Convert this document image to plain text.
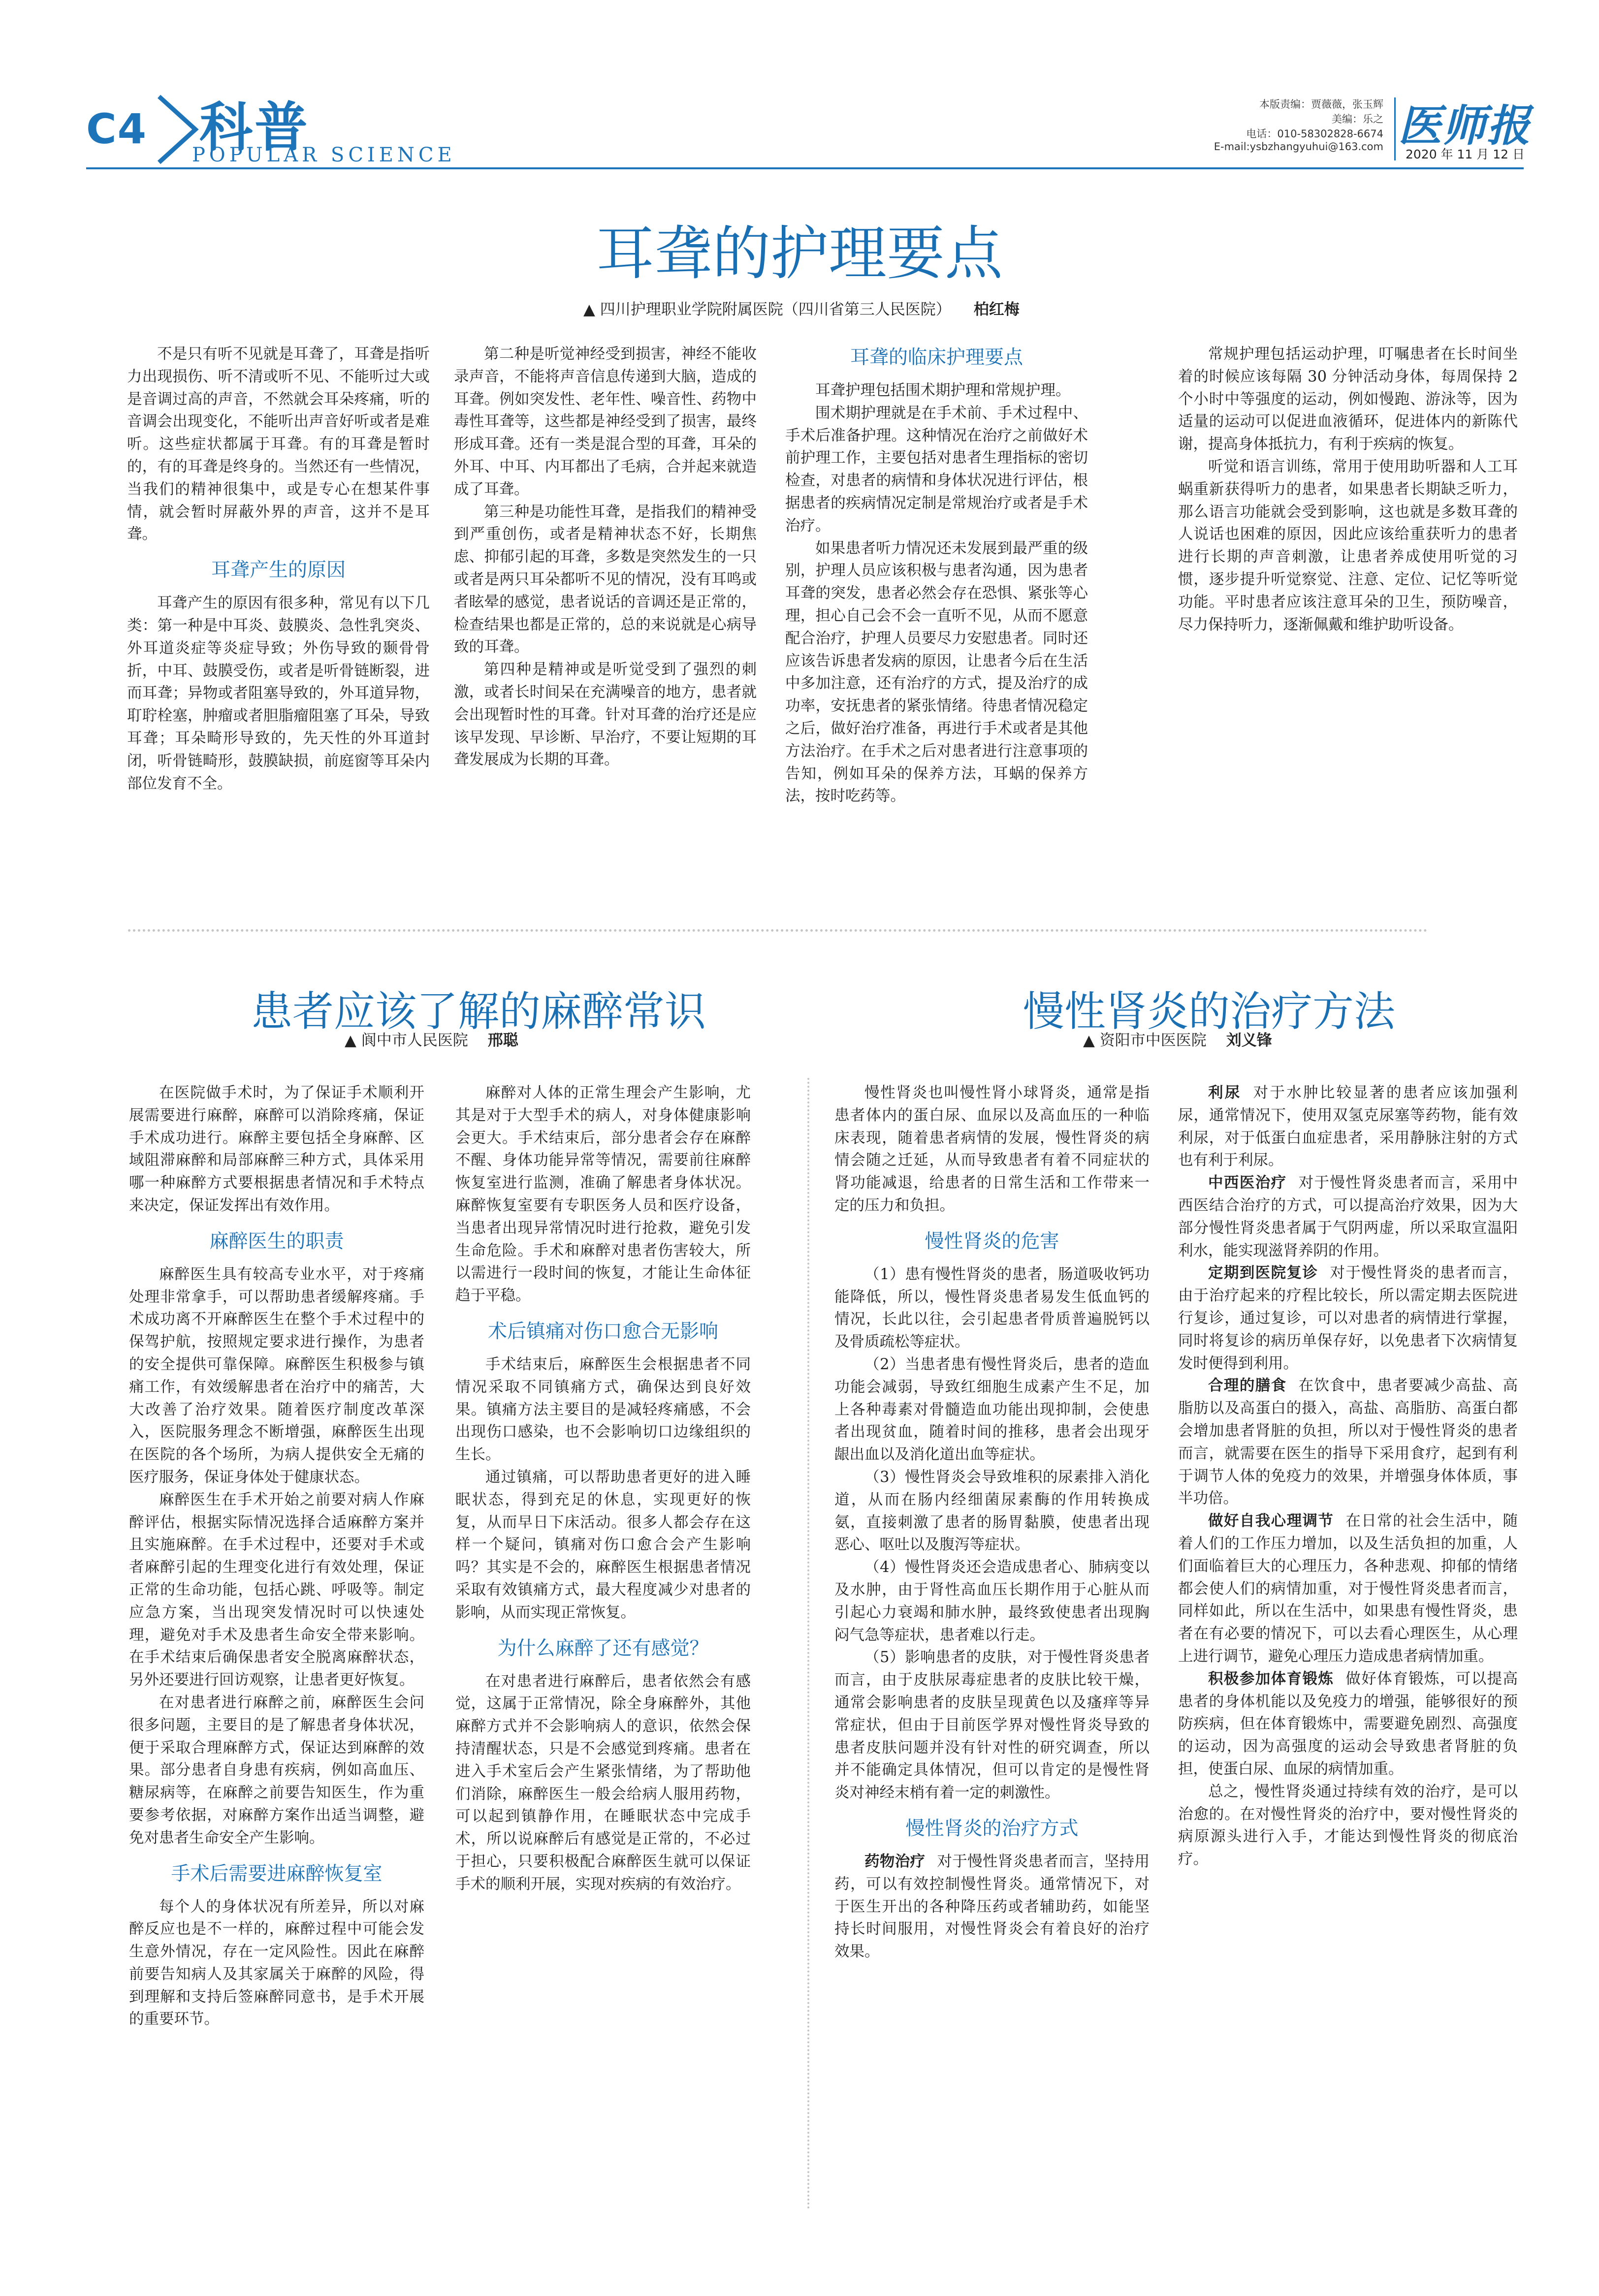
C4 科普
POPULAR SCIENCE
本版责编：贾薇薇，张玉辉
美编：乐之
电话：010-58302828-6674
E-mail:ysbzhangyuhui@163.com 医师报
2020 年 11 月 12 日
耳聋的护理要点
▲ 四川护理职业学院附属医院（四川省第三人民医院） 柏红梅

不是只有听不见就是耳聋了，耳聋是指听力出现损伤、听不清或听不见、不能听过大或是音调过高的声音，不然就会耳朵疼痛，听的音调会出现变化，不能听出声音好听或者是难听。这些症状都属于耳聋。有的耳聋是暂时的，有的耳聋是终身的。当然还有一些情况，当我们的精神很集中，或是专心在想某件事情，就会暂时屏蔽外界的声音，这并不是耳聋。

耳聋产生的原因

耳聋产生的原因有很多种，常见有以下几类：第一种是中耳炎、鼓膜炎、急性乳突炎、外耳道炎症等炎症导致；外伤导致的颞骨骨折，中耳、鼓膜受伤，或者是听骨链断裂，进而耳聋；异物或者阻塞导致的，外耳道异物，耵聍栓塞，肿瘤或者胆脂瘤阻塞了耳朵，导致耳聋；耳朵畸形导致的，先天性的外耳道封闭，听骨链畸形，鼓膜缺损，前庭窗等耳朵内部位发育不全。

第二种是听觉神经受到损害，神经不能收录声音，不能将声音信息传递到大脑，造成的耳聋。例如突发性、老年性、噪音性、药物中毒性耳聋等，这些都是神经受到了损害，最终形成耳聋。还有一类是混合型的耳聋，耳朵的外耳、中耳、内耳都出了毛病，合并起来就造成了耳聋。

第三种是功能性耳聋，是指我们的精神受到严重创伤，或者是精神状态不好，长期焦虑、抑郁引起的耳聋，多数是突然发生的一只或者是两只耳朵都听不见的情况，没有耳鸣或者眩晕的感觉，患者说话的音调还是正常的，检查结果也都是正常的，总的来说就是心病导致的耳聋。

第四种是精神或是听觉受到了强烈的刺激，或者长时间呆在充满噪音的地方，患者就会出现暂时性的耳聋。针对耳聋的治疗还是应该早发现、早诊断、早治疗，不要让短期的耳聋发展成为长期的耳聋。

耳聋的临床护理要点

耳聋护理包括围术期护理和常规护理。

围术期护理就是在手术前、手术过程中、手术后准备护理。这种情况在治疗之前做好术前护理工作，主要包括对患者生理指标的密切检查，对患者的病情和身体状况进行评估，根据患者的疾病情况定制是常规治疗或者是手术治疗。

如果患者听力情况还未发展到最严重的级别，护理人员应该积极与患者沟通，因为患者耳聋的突发，患者必然会存在恐惧、紧张等心理，担心自己会不会一直听不见，从而不愿意配合治疗，护理人员要尽力安慰患者。同时还应该告诉患者发病的原因，让患者今后在生活中多加注意，还有治疗的方式，提及治疗的成功率，安抚患者的紧张情绪。待患者情况稳定之后，做好治疗准备，再进行手术或者是其他方法治疗。在手术之后对患者进行注意事项的告知，例如耳朵的保养方法，耳蜗的保养方法，按时吃药等。

常规护理包括运动护理，叮嘱患者在长时间坐着的时候应该每隔 30 分钟活动身体，每周保持 2 个小时中等强度的运动，例如慢跑、游泳等，因为适量的运动可以促进血液循环，促进体内的新陈代谢，提高身体抵抗力，有利于疾病的恢复。

听觉和语言训练，常用于使用助听器和人工耳蜗重新获得听力的患者，如果患者长期缺乏听力，那么语言功能就会受到影响，这也就是多数耳聋的人说话也困难的原因，因此应该给重获听力的患者进行长期的声音刺激，让患者养成使用听觉的习惯，逐步提升听觉察觉、注意、定位、记忆等听觉功能。平时患者应该注意耳朵的卫生，预防噪音，尽力保持听力，逐渐佩戴和维护助听设备。

患者应该了解的麻醉常识
▲ 阆中市人民医院 邢聪

在医院做手术时，为了保证手术顺利开展需要进行麻醉，麻醉可以消除疼痛，保证手术成功进行。麻醉主要包括全身麻醉、区域阻滞麻醉和局部麻醉三种方式，具体采用哪一种麻醉方式要根据患者情况和手术特点来决定，保证发挥出有效作用。

麻醉医生的职责

麻醉医生具有较高专业水平，对于疼痛处理非常拿手，可以帮助患者缓解疼痛。手术成功离不开麻醉医生在整个手术过程中的保驾护航，按照规定要求进行操作，为患者的安全提供可靠保障。麻醉医生积极参与镇痛工作，有效缓解患者在治疗中的痛苦，大大改善了治疗效果。随着医疗制度改革深入，医院服务理念不断增强，麻醉医生出现在医院的各个场所，为病人提供安全无痛的医疗服务，保证身体处于健康状态。

麻醉医生在手术开始之前要对病人作麻醉评估，根据实际情况选择合适麻醉方案并且实施麻醉。在手术过程中，还要对手术或者麻醉引起的生理变化进行有效处理，保证正常的生命功能，包括心跳、呼吸等。制定应急方案，当出现突发情况时可以快速处理，避免对手术及患者生命安全带来影响。在手术结束后确保患者安全脱离麻醉状态，另外还要进行回访观察，让患者更好恢复。

在对患者进行麻醉之前，麻醉医生会问很多问题，主要目的是了解患者身体状况，便于采取合理麻醉方式，保证达到麻醉的效果。部分患者自身患有疾病，例如高血压、糖尿病等，在麻醉之前要告知医生，作为重要参考依据，对麻醉方案作出适当调整，避免对患者生命安全产生影响。

手术后需要进麻醉恢复室

每个人的身体状况有所差异，所以对麻醉反应也是不一样的，麻醉过程中可能会发生意外情况，存在一定风险性。因此在麻醉前要告知病人及其家属关于麻醉的风险，得到理解和支持后签麻醉同意书，是手术开展的重要环节。

麻醉对人体的正常生理会产生影响，尤其是对于大型手术的病人，对身体健康影响会更大。手术结束后，部分患者会存在麻醉不醒、身体功能异常等情况，需要前往麻醉恢复室进行监测，准确了解患者身体状况。麻醉恢复室要有专职医务人员和医疗设备，当患者出现异常情况时进行抢救，避免引发生命危险。手术和麻醉对患者伤害较大，所以需进行一段时间的恢复，才能让生命体征趋于平稳。

术后镇痛对伤口愈合无影响

手术结束后，麻醉医生会根据患者不同情况采取不同镇痛方式，确保达到良好效果。镇痛方法主要目的是减轻疼痛感，不会出现伤口感染，也不会影响切口边缘组织的生长。

通过镇痛，可以帮助患者更好的进入睡眠状态，得到充足的休息，实现更好的恢复，从而早日下床活动。很多人都会存在这样一个疑问，镇痛对伤口愈合会产生影响吗？其实是不会的，麻醉医生根据患者情况采取有效镇痛方式，最大程度减少对患者的影响，从而实现正常恢复。

为什么麻醉了还有感觉？

在对患者进行麻醉后，患者依然会有感觉，这属于正常情况，除全身麻醉外，其他麻醉方式并不会影响病人的意识，依然会保持清醒状态，只是不会感觉到疼痛。患者在进入手术室后会产生紧张情绪，为了帮助他们消除，麻醉医生一般会给病人服用药物，可以起到镇静作用，在睡眠状态中完成手术，所以说麻醉后有感觉是正常的，不必过于担心，只要积极配合麻醉医生就可以保证手术的顺利开展，实现对疾病的有效治疗。

慢性肾炎的治疗方法
▲ 资阳市中医医院 刘义锋

慢性肾炎也叫慢性肾小球肾炎，通常是指患者体内的蛋白尿、血尿以及高血压的一种临床表现，随着患者病情的发展，慢性肾炎的病情会随之迁延，从而导致患者有着不同症状的肾功能减退，给患者的日常生活和工作带来一定的压力和负担。

慢性肾炎的危害

（1）患有慢性肾炎的患者，肠道吸收钙功能降低，所以，慢性肾炎患者易发生低血钙的情况，长此以往，会引起患者骨质普遍脱钙以及骨质疏松等症状。

（2）当患者患有慢性肾炎后，患者的造血功能会减弱，导致红细胞生成素产生不足，加上各种毒素对骨髓造血功能出现抑制，会使患者出现贫血，随着时间的推移，患者会出现牙龈出血以及消化道出血等症状。

（3）慢性肾炎会导致堆积的尿素排入消化道，从而在肠内经细菌尿素酶的作用转换成氨，直接刺激了患者的肠胃黏膜，使患者出现恶心、呕吐以及腹泻等症状。

（4）慢性肾炎还会造成患者心、肺病变以及水肿，由于肾性高血压长期作用于心脏从而引起心力衰竭和肺水肿，最终致使患者出现胸闷气急等症状，患者难以行走。

（5）影响患者的皮肤，对于慢性肾炎患者而言，由于皮肤尿毒症患者的皮肤比较干燥，通常会影响患者的皮肤呈现黄色以及瘙痒等异常症状，但由于目前医学界对慢性肾炎导致的患者皮肤问题并没有针对性的研究调查，所以并不能确定具体情况，但可以肯定的是慢性肾炎对神经末梢有着一定的刺激性。

慢性肾炎的治疗方式

药物治疗 对于慢性肾炎患者而言，坚持用药，可以有效控制慢性肾炎。通常情况下，对于医生开出的各种降压药或者辅助药，如能坚持长时间服用，对慢性肾炎会有着良好的治疗效果。

利尿 对于水肿比较显著的患者应该加强利尿，通常情况下，使用双氢克尿塞等药物，能有效利尿，对于低蛋白血症患者，采用静脉注射的方式也有利于利尿。

中西医治疗 对于慢性肾炎患者而言，采用中西医结合治疗的方式，可以提高治疗效果，因为大部分慢性肾炎患者属于气阴两虚，所以采取宣温阳利水，能实现滋肾养阴的作用。

定期到医院复诊 对于慢性肾炎的患者而言，由于治疗起来的疗程比较长，所以需定期去医院进行复诊，通过复诊，可以对患者的病情进行掌握，同时将复诊的病历单保存好，以免患者下次病情复发时便得到利用。

合理的膳食 在饮食中，患者要减少高盐、高脂肪以及高蛋白的摄入，高盐、高脂肪、高蛋白都会增加患者肾脏的负担，所以对于慢性肾炎的患者而言，就需要在医生的指导下采用食疗，起到有利于调节人体的免疫力的效果，并增强身体体质，事半功倍。

做好自我心理调节 在日常的社会生活中，随着人们的工作压力增加，以及生活负担的加重，人们面临着巨大的心理压力，各种悲观、抑郁的情绪都会使人们的病情加重，对于慢性肾炎患者而言，同样如此，所以在生活中，如果患有慢性肾炎，患者在有必要的情况下，可以去看心理医生，从心理上进行调节，避免心理压力造成患者病情加重。

积极参加体育锻炼 做好体育锻炼，可以提高患者的身体机能以及免疫力的增强，能够很好的预防疾病，但在体育锻炼中，需要避免剧烈、高强度的运动，因为高强度的运动会导致患者肾脏的负担，使蛋白尿、血尿的病情加重。

总之，慢性肾炎通过持续有效的治疗，是可以治愈的。在对慢性肾炎的治疗中，要对慢性肾炎的病原源头进行入手，才能达到慢性肾炎的彻底治疗。
